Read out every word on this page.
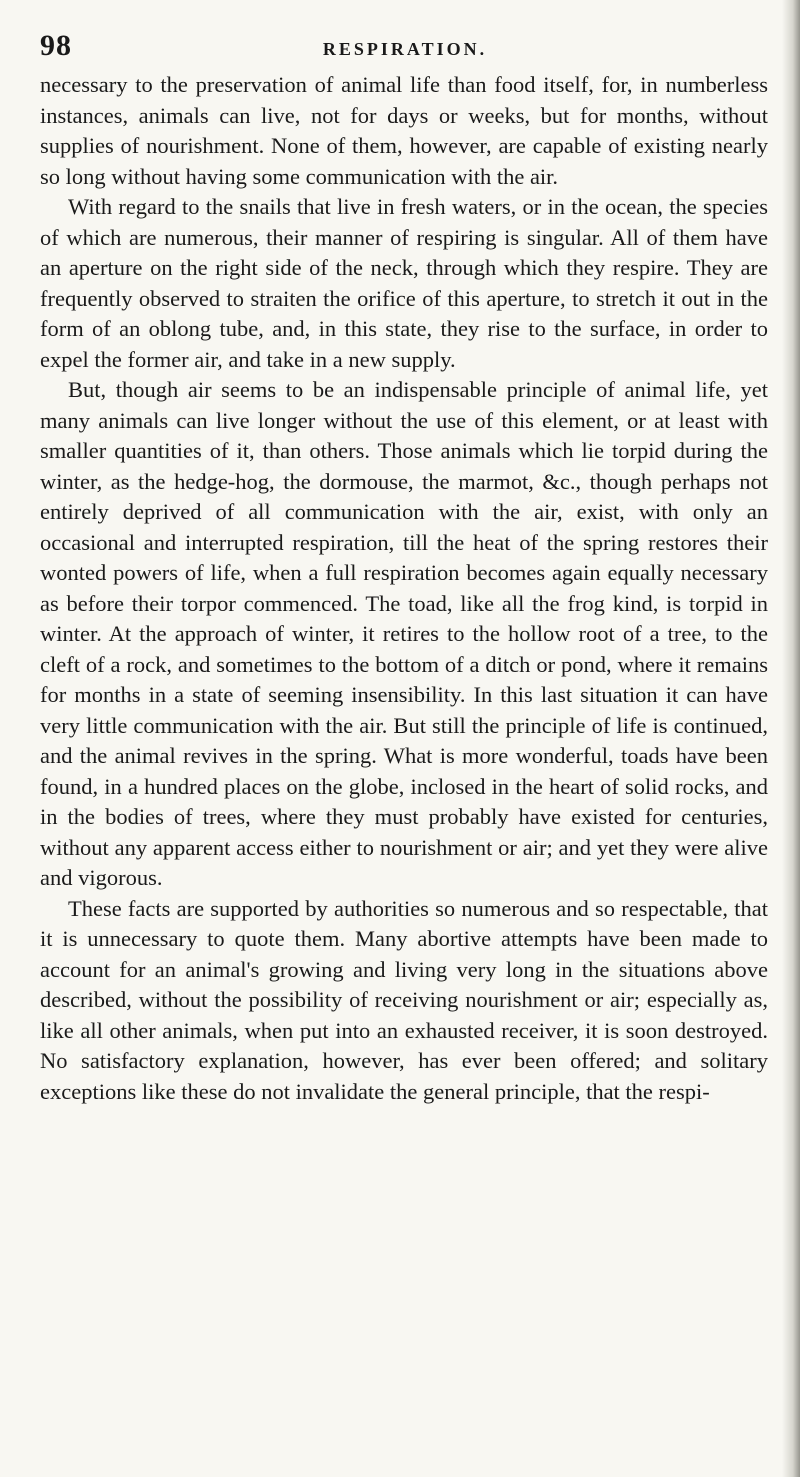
98	RESPIRATION.

necessary to the preservation of animal life than food itself, for, in numberless instances, animals can live, not for days or weeks, but for months, without supplies of nourishment. None of them, however, are capable of existing nearly so long without having some communication with the air.

With regard to the snails that live in fresh waters, or in the ocean, the species of which are numerous, their manner of respiring is singular. All of them have an aperture on the right side of the neck, through which they respire. They are frequently observed to straiten the orifice of this aperture, to stretch it out in the form of an oblong tube, and, in this state, they rise to the surface, in order to expel the former air, and take in a new supply.

But, though air seems to be an indispensable principle of animal life, yet many animals can live longer without the use of this element, or at least with smaller quantities of it, than others. Those animals which lie torpid during the winter, as the hedge-hog, the dormouse, the marmot, &c., though perhaps not entirely deprived of all communication with the air, exist, with only an occasional and interrupted respiration, till the heat of the spring restores their wonted powers of life, when a full respiration becomes again equally necessary as before their torpor commenced. The toad, like all the frog kind, is torpid in winter. At the approach of winter, it retires to the hollow root of a tree, to the cleft of a rock, and sometimes to the bottom of a ditch or pond, where it remains for months in a state of seeming insensibility. In this last situation it can have very little communication with the air. But still the principle of life is continued, and the animal revives in the spring. What is more wonderful, toads have been found, in a hundred places on the globe, inclosed in the heart of solid rocks, and in the bodies of trees, where they must probably have existed for centuries, without any apparent access either to nourishment or air; and yet they were alive and vigorous.

These facts are supported by authorities so numerous and so respectable, that it is unnecessary to quote them. Many abortive attempts have been made to account for an animal's growing and living very long in the situations above described, without the possibility of receiving nourishment or air; especially as, like all other animals, when put into an exhausted receiver, it is soon destroyed. No satisfactory explanation, however, has ever been offered; and solitary exceptions like these do not invalidate the general principle, that the respi-
